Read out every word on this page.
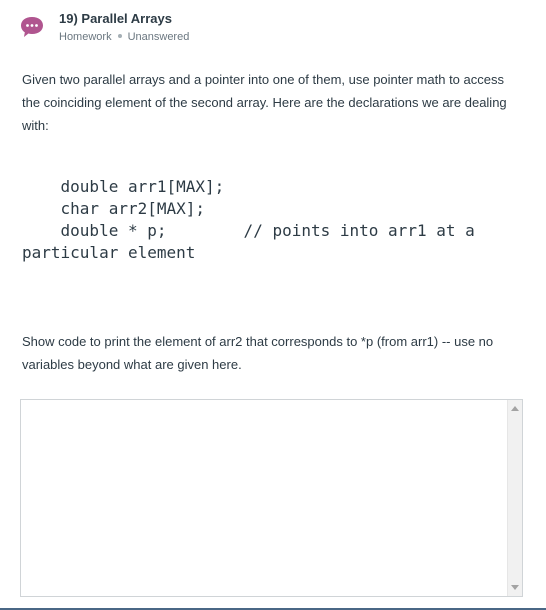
19) Parallel Arrays
Homework Unanswered
Given two parallel arrays and a pointer into one of them, use pointer math to access the coinciding element of the second array. Here are the declarations we are dealing with:
double arr1[MAX];
char arr2[MAX];
double * p;        // points into arr1 at a particular element
Show code to print the element of arr2 that corresponds to *p (from arr1) -- use no variables beyond what are given here.
